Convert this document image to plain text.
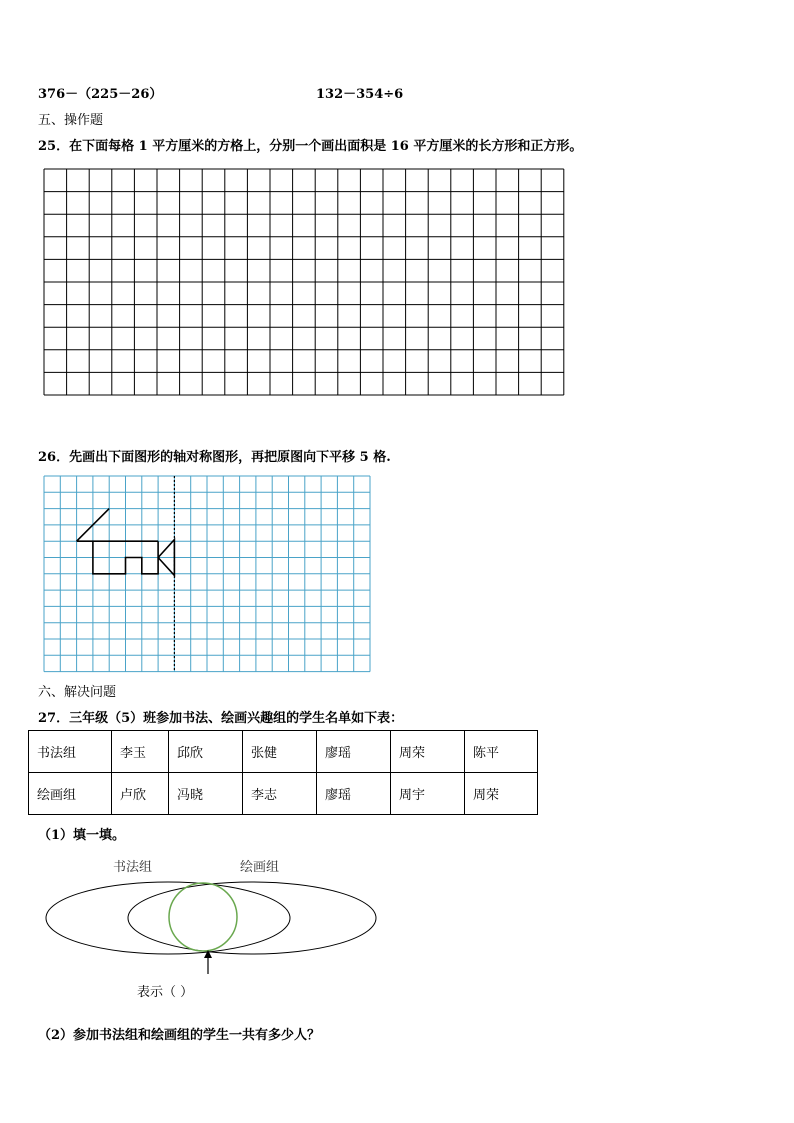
376－（225－26）	132－354÷6
五、操作题
25．在下面每格 1 平方厘米的方格上，分别一个画出面积是 16 平方厘米的长方形和正方形。
26．先画出下面图形的轴对称图形，再把原图向下平移 5 格.
六、解决问题
27．三年级（5）班参加书法、绘画兴趣组的学生名单如下表：
书法组	李玉	邱欣	张健	廖瑶	周荣	陈平
绘画组	卢欣	冯晓	李志	廖瑶	周宇	周荣
（1）填一填。
书法组	绘画组
表示（ ）
（2）参加书法组和绘画组的学生一共有多少人？
